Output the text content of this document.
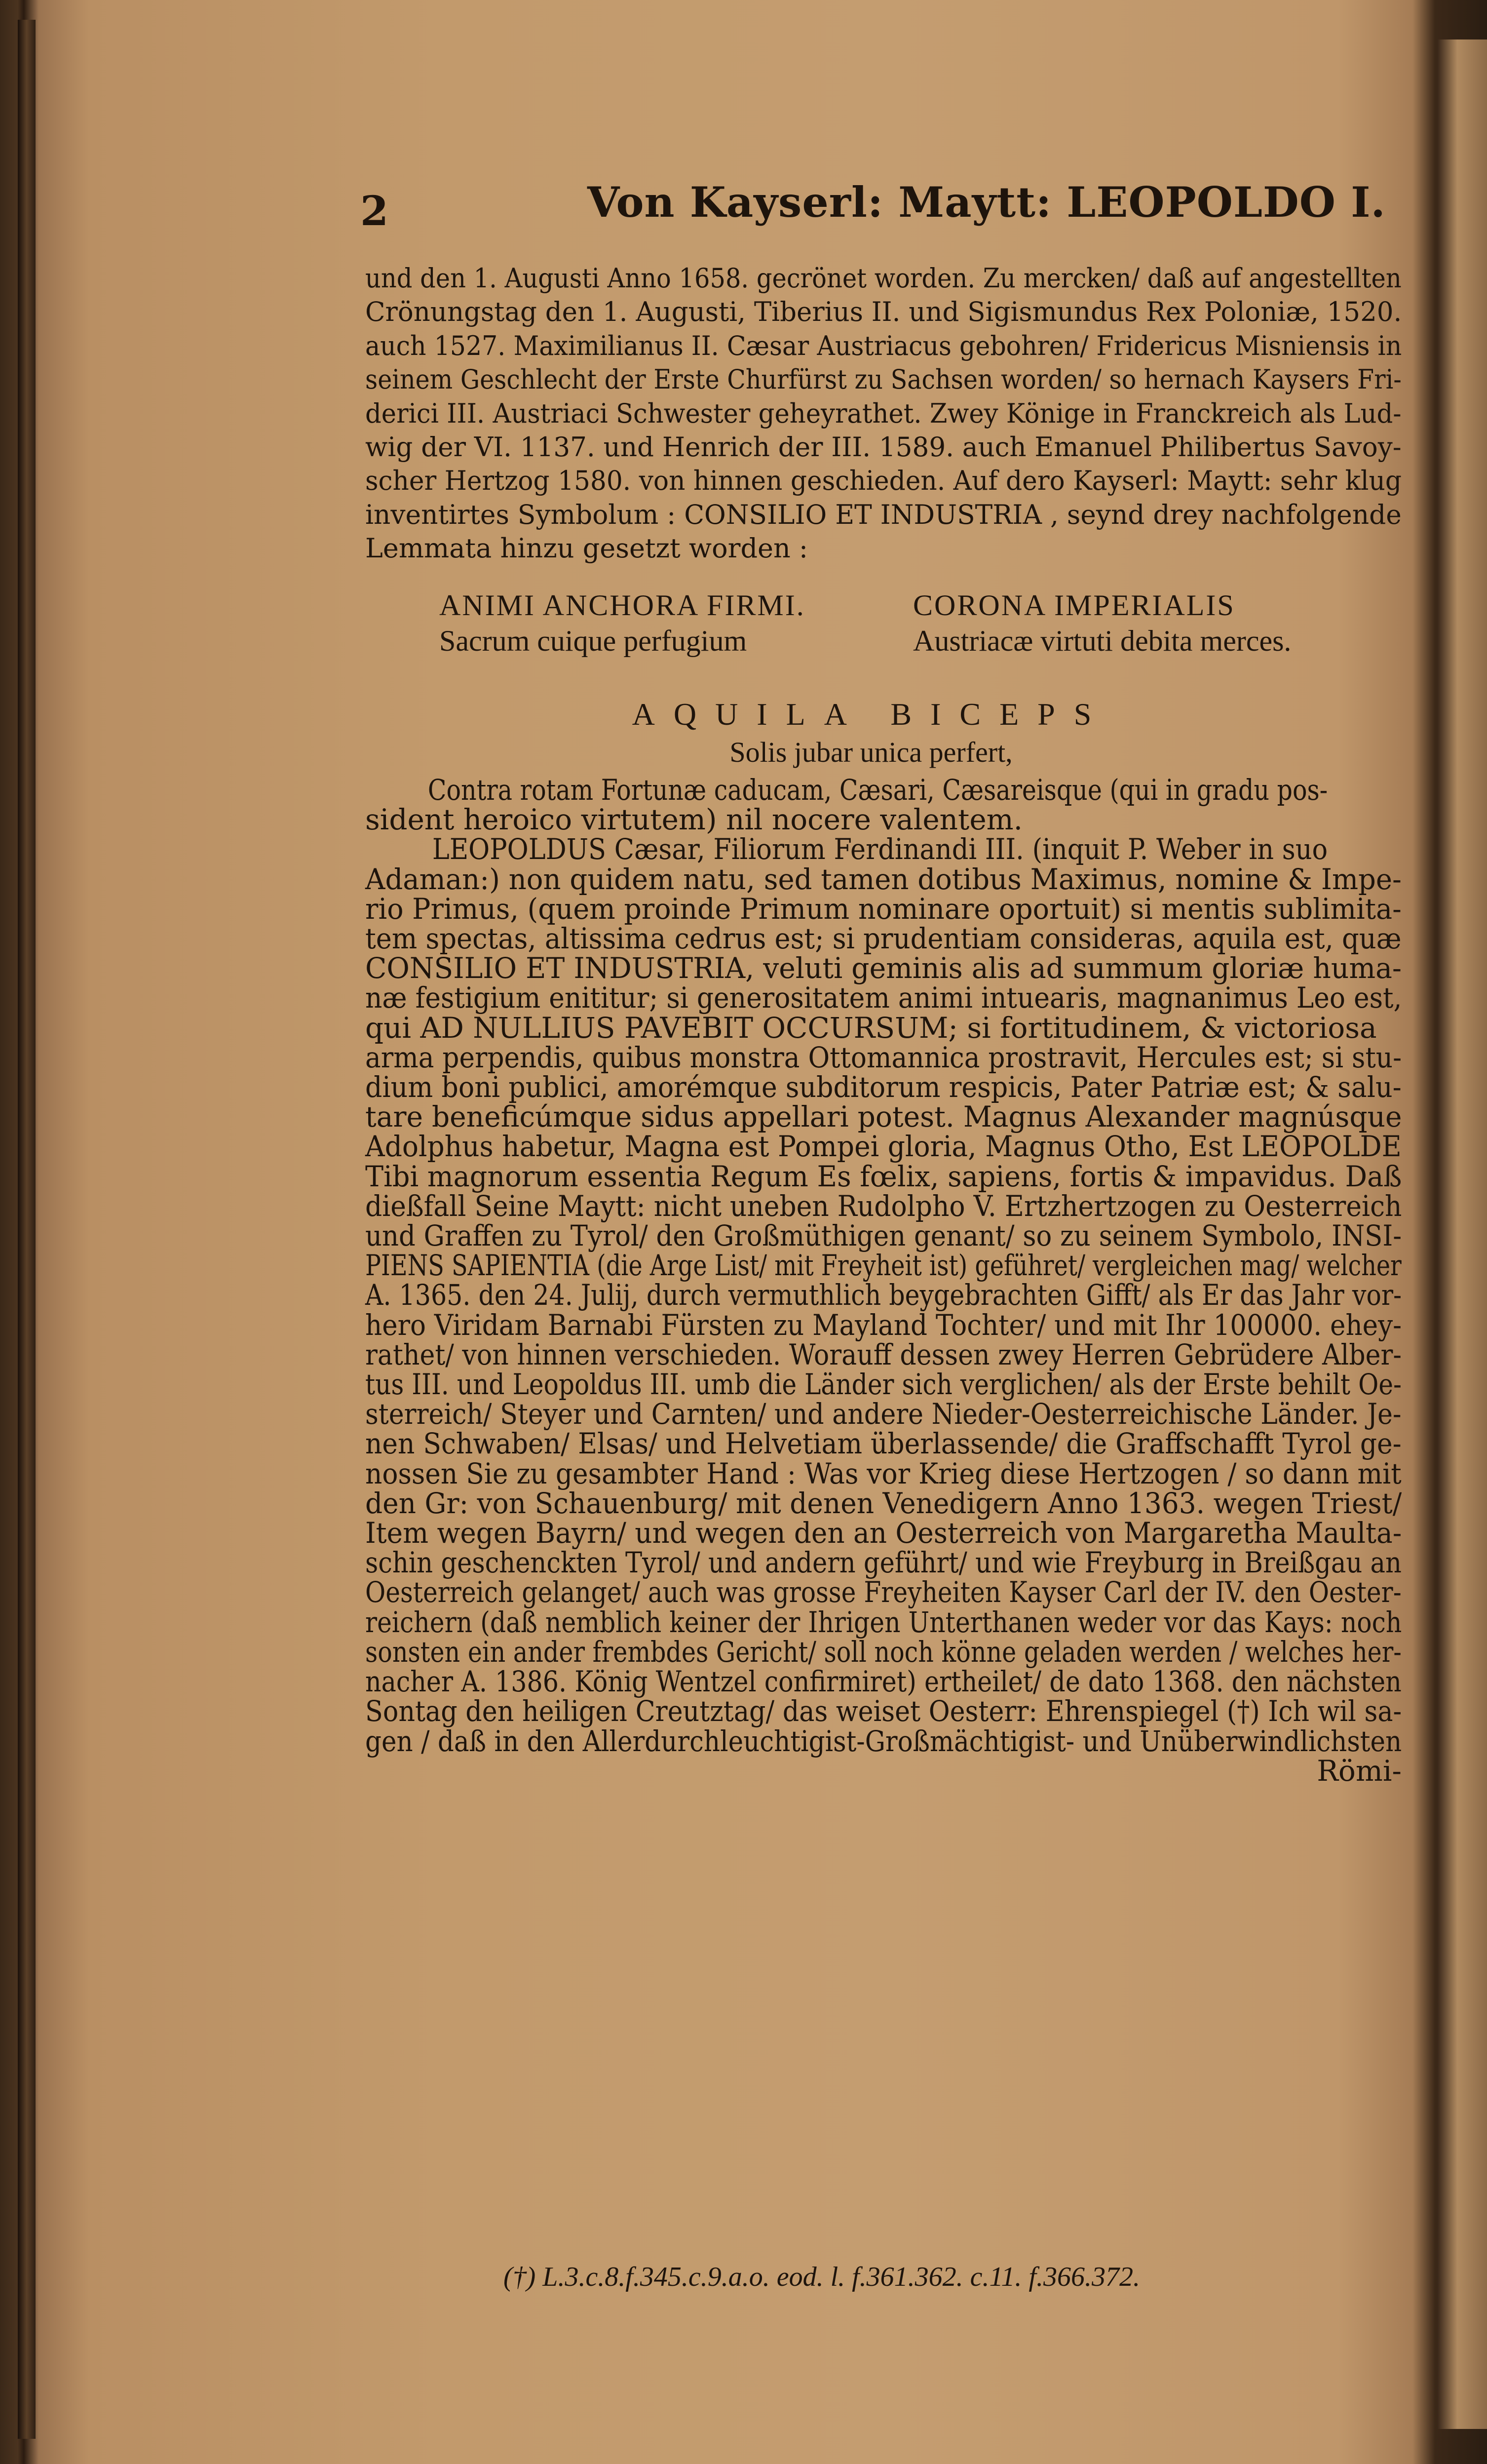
2	Von Kayserl: Maytt: LEOPOLDO I.
und den 1. Augusti Anno 1658. gecrönet worden. Zu mercken/ daß auf angestellten
Crönungstag den 1. Augusti, Tiberius II. und Sigismundus Rex Poloniæ, 1520.
auch 1527. Maximilianus II. Cæsar Austriacus gebohren/ Fridericus Misniensis in
seinem Geschlecht der Erste Churfürst zu Sachsen worden/ so hernach Kaysers Fri-
derici III. Austriaci Schwester geheyrathet. Zwey Könige in Franckreich als Lud-
wig der VI. 1137. und Henrich der III. 1589. auch Emanuel Philibertus Savoy-
scher Hertzog 1580. von hinnen geschieden. Auf dero Kayserl: Maytt: sehr klug
inventirtes Symbolum : CONSILIO ET INDUSTRIA , seynd drey nachfolgende
Lemmata hinzu gesetzt worden :
ANIMI ANCHORA FIRMI.
Sacrum cuique perfugium
CORONA IMPERIALIS
Austriacæ virtuti debita merces.
AQUILA BICEPS
Solis jubar unica perfert,
Contra rotam Fortunæ caducam, Cæsari, Cæsareisque (qui in gradu pos-
sident heroico virtutem) nil nocere valentem.
LEOPOLDUS Cæsar, Filiorum Ferdinandi III. (inquit P. Weber in suo
Adaman:) non quidem natu, sed tamen dotibus Maximus, nomine & Impe-
rio Primus, (quem proinde Primum nominare oportuit) si mentis sublimita-
tem spectas, altissima cedrus est; si prudentiam consideras, aquila est, quæ
CONSILIO ET INDUSTRIA, veluti geminis alis ad summum gloriæ huma-
næ festigium enititur; si generositatem animi intuearis, magnanimus Leo est,
qui AD NULLIUS PAVEBIT OCCURSUM; si fortitudinem, & victoriosa
arma perpendis, quibus monstra Ottomannica prostravit, Hercules est; si stu-
dium boni publici, amorémque subditorum respicis, Pater Patriæ est; & salu-
tare beneficúmque sidus appellari potest. Magnus Alexander magnúsque
Adolphus habetur, Magna est Pompei gloria, Magnus Otho, Est LEOPOLDE
Tibi magnorum essentia Regum Es fœlix, sapiens, fortis & impavidus. Daß
dießfall Seine Maytt: nicht uneben Rudolpho V. Ertzhertzogen zu Oesterreich
und Graffen zu Tyrol/ den Großmüthigen genant/ so zu seinem Symbolo, INSI-
PIENS SAPIENTIA (die Arge List/ mit Freyheit ist) geführet/ vergleichen mag/ welcher
A. 1365. den 24. Julij, durch vermuthlich beygebrachten Gifft/ als Er das Jahr vor-
hero Viridam Barnabi Fürsten zu Mayland Tochter/ und mit Ihr 100000. ehey-
rathet/ von hinnen verschieden. Worauff dessen zwey Herren Gebrüdere Alber-
tus III. und Leopoldus III. umb die Länder sich verglichen/ als der Erste behilt Oe-
sterreich/ Steyer und Carnten/ und andere Nieder-Oesterreichische Länder. Je-
nen Schwaben/ Elsas/ und Helvetiam überlassende/ die Graffschafft Tyrol ge-
nossen Sie zu gesambter Hand : Was vor Krieg diese Hertzogen / so dann mit
den Gr: von Schauenburg/ mit denen Venedigern Anno 1363. wegen Triest/
Item wegen Bayrn/ und wegen den an Oesterreich von Margaretha Maulta-
schin geschenckten Tyrol/ und andern geführt/ und wie Freyburg in Breißgau an
Oesterreich gelanget/ auch was grosse Freyheiten Kayser Carl der IV. den Oester-
reichern (daß nemblich keiner der Ihrigen Unterthanen weder vor das Kays: noch
sonsten ein ander frembdes Gericht/ soll noch könne geladen werden / welches her-
nacher A. 1386. König Wentzel confirmiret) ertheilet/ de dato 1368. den nächsten
Sontag den heiligen Creutztag/ das weiset Oesterr: Ehrenspiegel (†) Ich wil sa-
gen / daß in den Allerdurchleuchtigist-Großmächtigist- und Unüberwindlichsten
Römi-
(†) L.3.c.8.f.345.c.9.a.o. eod. l. f.361.362. c.11. f.366.372.
